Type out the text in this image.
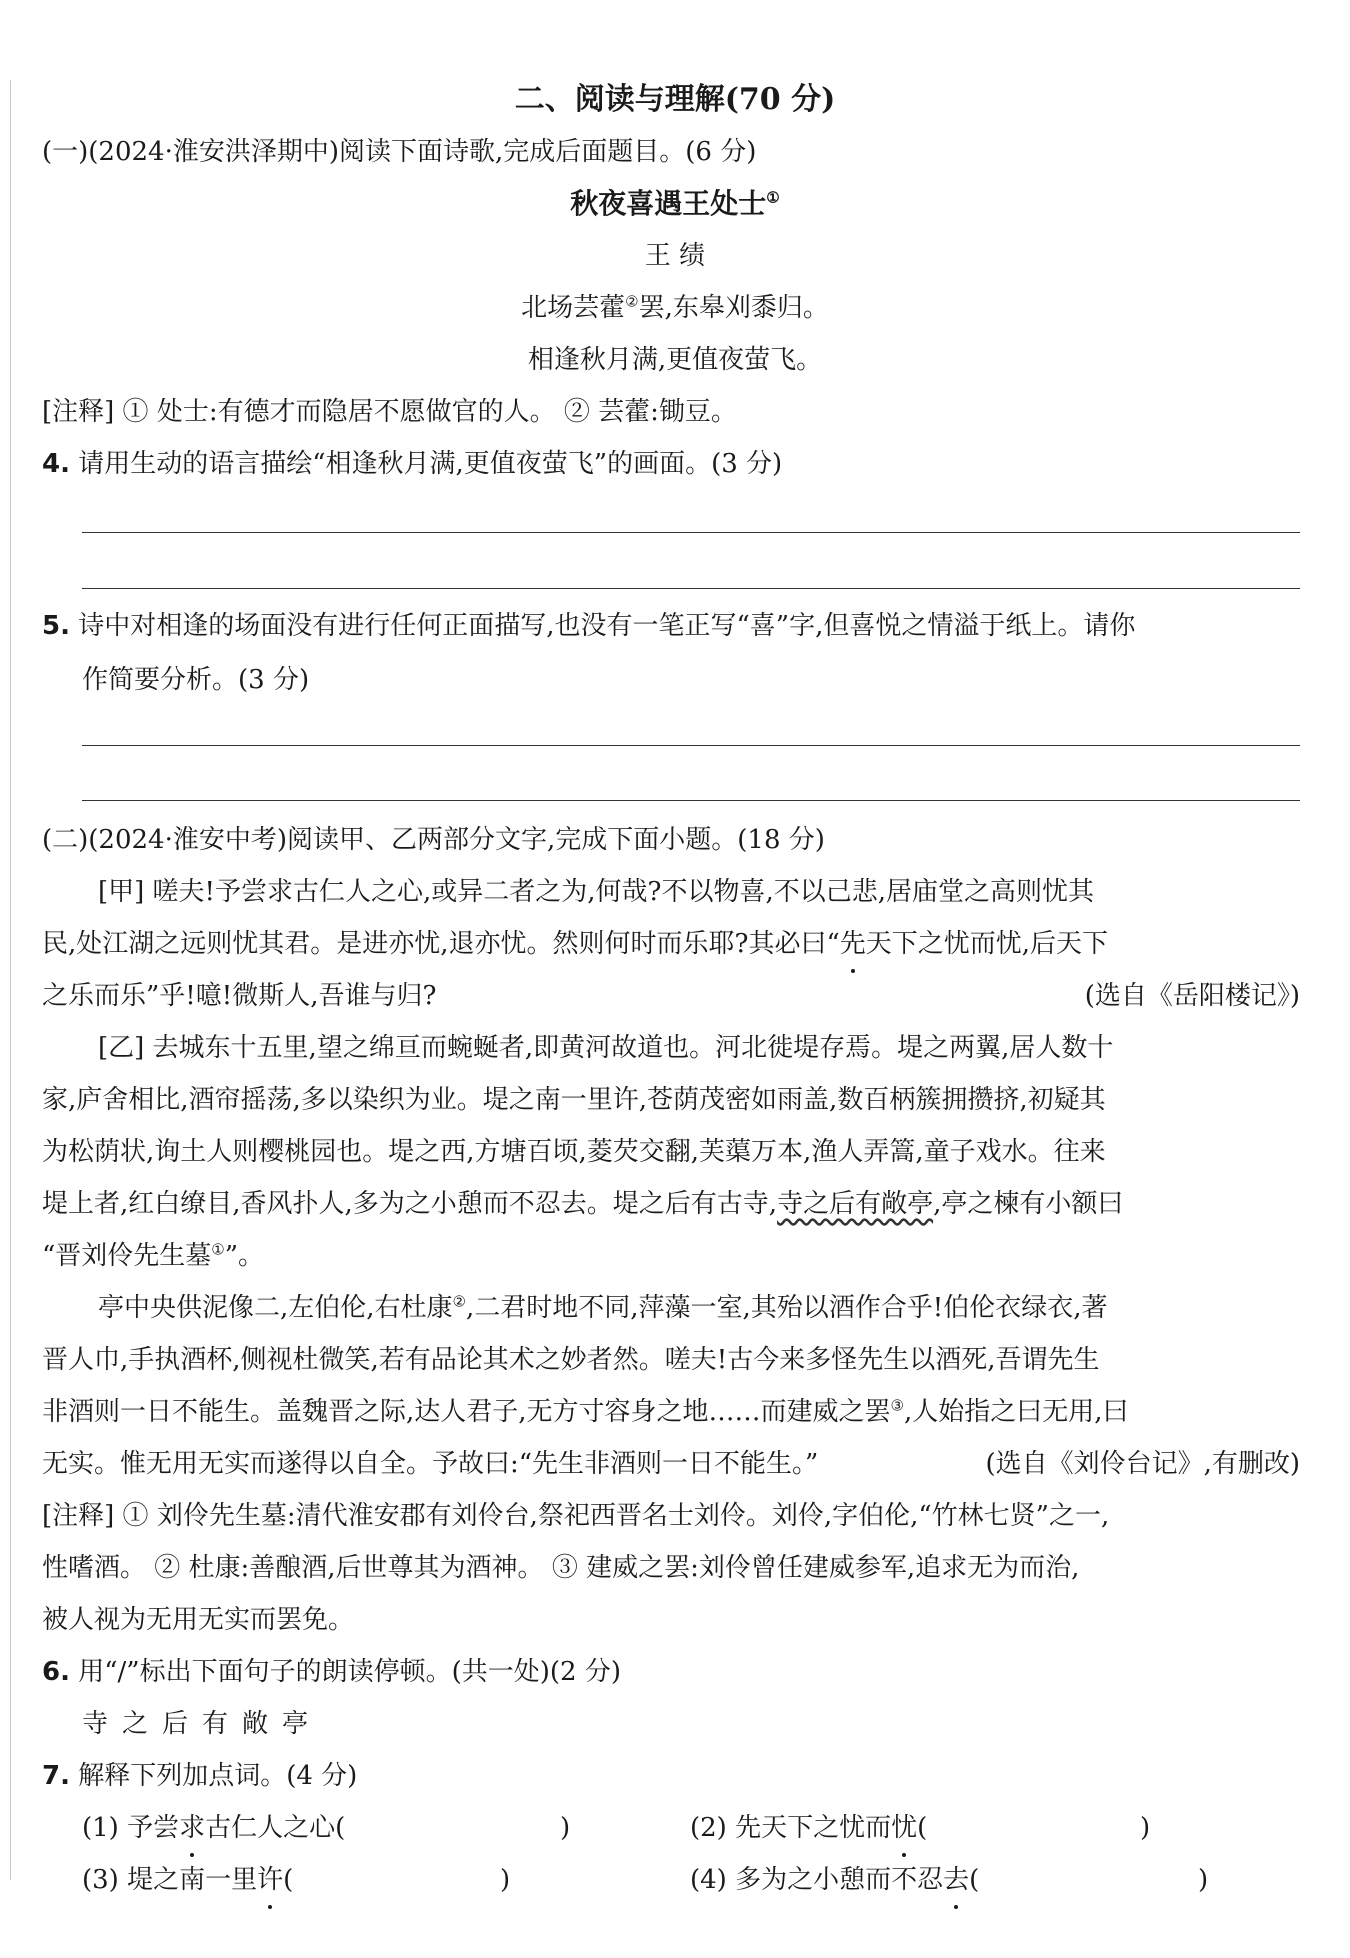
二、阅读与理解(70 分)
(一)(2024·淮安洪泽期中)阅读下面诗歌,完成后面题目。(6 分)
秋夜喜遇王处士①
王 绩
北场芸藿②罢,东皋刈黍归。
相逢秋月满,更值夜萤飞。
[注释] ① 处士:有德才而隐居不愿做官的人。 ② 芸藿:锄豆。
4. 请用生动的语言描绘“相逢秋月满,更值夜萤飞”的画面。(3 分)
5. 诗中对相逢的场面没有进行任何正面描写,也没有一笔正写“喜”字,但喜悦之情溢于纸上。请你
作简要分析。(3 分)
(二)(2024·淮安中考)阅读甲、乙两部分文字,完成下面小题。(18 分)
[甲] 嗟夫!予尝求古仁人之心,或异二者之为,何哉?不以物喜,不以己悲,居庙堂之高则忧其
民,处江湖之远则忧其君。是进亦忧,退亦忧。然则何时而乐耶?其必曰“先天下之忧而忧,后天下
之乐而乐”乎!噫!微斯人,吾谁与归?	(选自《岳阳楼记》)
[乙] 去城东十五里,望之绵亘而蜿蜒者,即黄河故道也。河北徙堤存焉。堤之两翼,居人数十
家,庐舍相比,酒帘摇荡,多以染织为业。堤之南一里许,苍荫茂密如雨盖,数百柄簇拥攒挤,初疑其
为松荫状,询土人则樱桃园也。堤之西,方塘百顷,菱芡交翻,芙蕖万本,渔人弄篙,童子戏水。往来
堤上者,红白缭目,香风扑人,多为之小憩而不忍去。堤之后有古寺,寺之后有敞亭,亭之楝有小额曰
“晋刘伶先生墓①”。
亭中央供泥像二,左伯伦,右杜康②,二君时地不同,萍藻一室,其殆以酒作合乎!伯伦衣绿衣,著
晋人巾,手执酒杯,侧视杜微笑,若有品论其术之妙者然。嗟夫!古今来多怪先生以酒死,吾谓先生
非酒则一日不能生。盖魏晋之际,达人君子,无方寸容身之地……而建威之罢③,人始指之曰无用,曰
无实。惟无用无实而遂得以自全。予故曰:“先生非酒则一日不能生。”	(选自《刘伶台记》,有删改)
[注释] ① 刘伶先生墓:清代淮安郡有刘伶台,祭祀西晋名士刘伶。刘伶,字伯伦,“竹林七贤”之一,
性嗜酒。 ② 杜康:善酿酒,后世尊其为酒神。 ③ 建威之罢:刘伶曾任建威参军,追求无为而治,
被人视为无用无实而罢免。
6. 用“/”标出下面句子的朗读停顿。(共一处)(2 分)
寺之后有敞亭
7. 解释下列加点词。(4 分)
(1) 予尝求古仁人之心(	)	(2) 先天下之忧而忧(	)
(3) 堤之南一里许(	)	(4) 多为之小憩而不忍去(	)
